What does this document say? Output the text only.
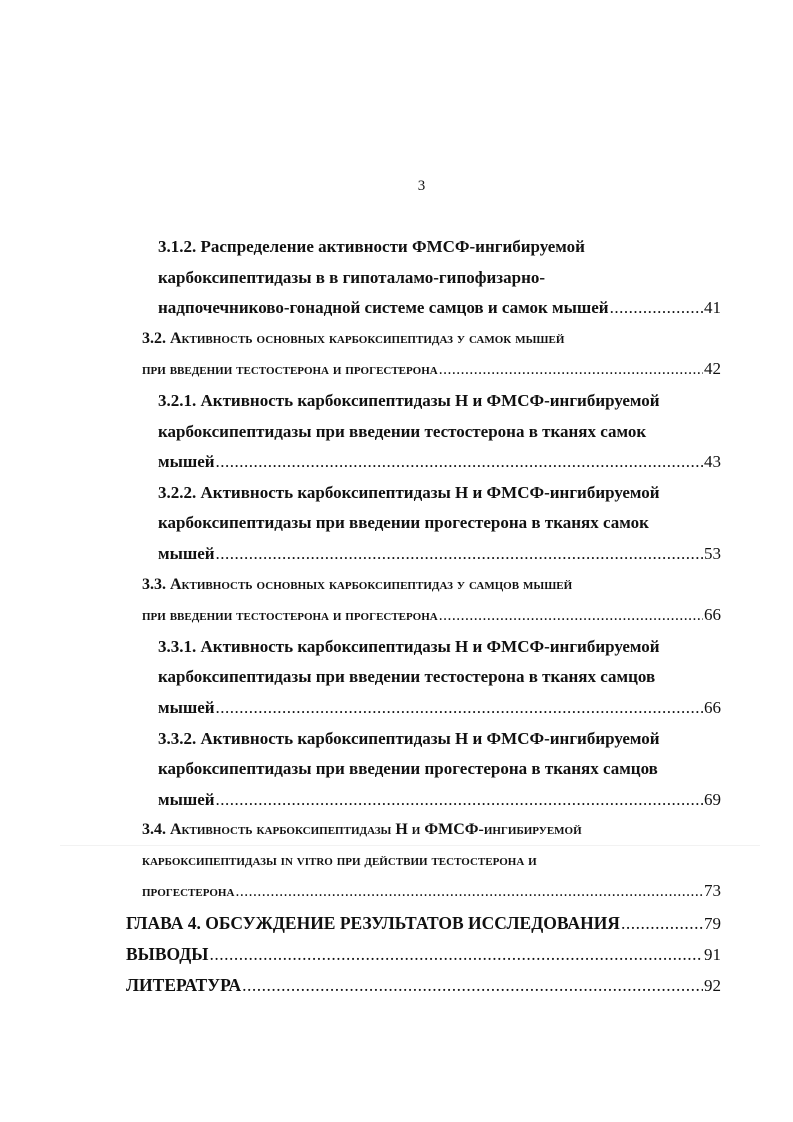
3
3.1.2. Распределение активности ФМСФ-ингибируемой
карбоксипептидазы в в гипоталамо-гипофизарно-
надпочечниково-гонадной системе самцов и самок мышей .....	41
3.2. Активность основных карбоксипептидаз у самок мышей
при введении тестостерона и прогестерона .....	42
3.2.1. Активность карбоксипептидазы Н и ФМСФ-ингибируемой
карбоксипептидазы при введении тестостерона в тканях самок
мышей .....	43
3.2.2. Активность карбоксипептидазы Н и ФМСФ-ингибируемой
карбоксипептидазы при введении прогестерона в тканях самок
мышей .....	53
3.3. Активность основных карбоксипептидаз у самцов мышей
при введении тестостерона и прогестерона .....	66
3.3.1. Активность карбоксипептидазы Н и ФМСФ-ингибируемой
карбоксипептидазы при введении тестостерона в тканях самцов
мышей .....	66
3.3.2. Активность карбоксипептидазы Н и ФМСФ-ингибируемой
карбоксипептидазы при введении прогестерона в тканях самцов
мышей .....	69
3.4. Активность карбоксипептидазы Н и ФМСФ-ингибируемой
карбоксипептидазы in vitro при действии тестостерона и
прогестерона .....	73
ГЛАВА 4. ОБСУЖДЕНИЕ РЕЗУЛЬТАТОВ ИССЛЕДОВАНИЯ .....	79
ВЫВОДЫ .....	91
ЛИТЕРАТУРА .....	92
